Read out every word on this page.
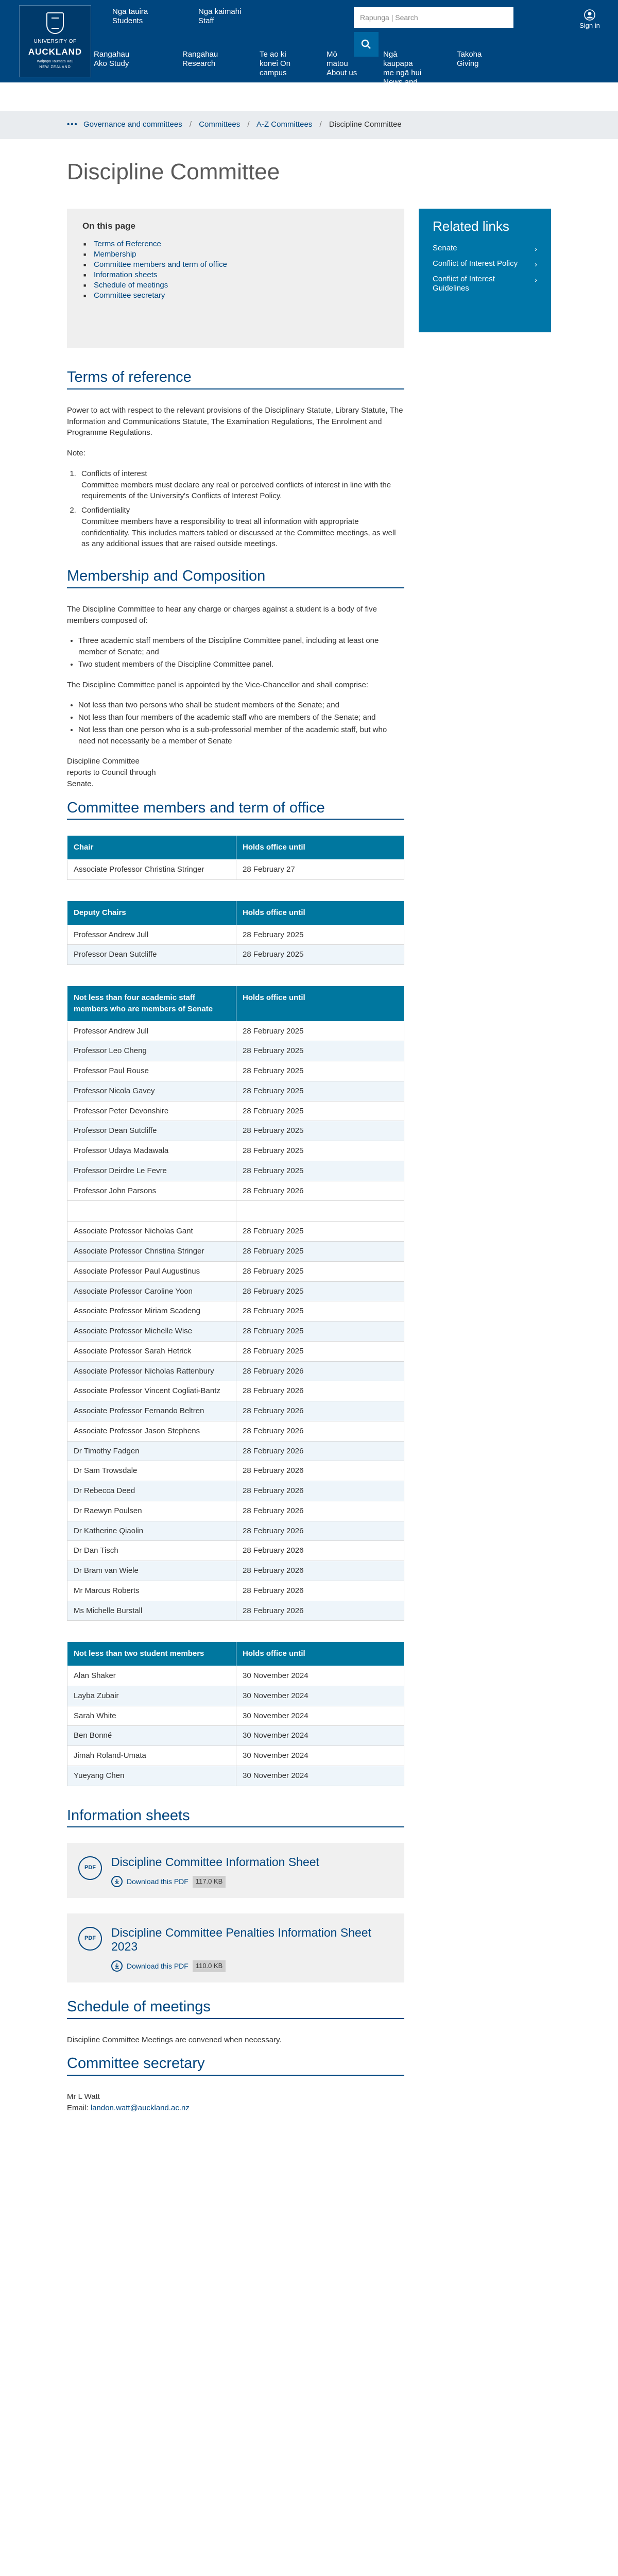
UNIVERSITY OF
AUCKLAND
Waipapa Taumata Rau
NEW ZEALAND
Ngā tauira Students
Ngā kaimahi Staff
Rapunga | Search
Sign in
Rangahau Ako Study
Rangahau Research
Te ao ki konei On campus
Mō mātou About us
Ngā kaupapa me ngā hui News and events
Takoha Giving
••• Governance and committees / Committees / A-Z Committees / Discipline Committee
Discipline Committee
On this page
■ Terms of Reference
■ Membership
■ Committee members and term of office
■ Information sheets
■ Schedule of meetings
■ Committee secretary
Related links
Senate	›
Conflict of Interest Policy ›
Conflict of Interest Guidelines
›
Terms of reference

Power to act with respect to the relevant provisions of the Disciplinary Statute, Library Statute, The Information and Communications Statute, The Examination Regulations, The Enrolment and Programme Regulations.

Note:

1. Conflicts of interest
Committee members must declare any real or perceived conflicts of interest in line with the requirements of the University's Conflicts of Interest Policy.
2. Confidentiality
Committee members have a responsibility to treat all information with appropriate confidentiality. This includes matters tabled or discussed at the Committee meetings, as well as any additional issues that are raised outside meetings.
Membership and Composition

The Discipline Committee to hear any charge or charges against a student is a body of five members composed of:

• Three academic staff members of the Discipline Committee panel, including at least one member of Senate; and
• Two student members of the Discipline Committee panel.

The Discipline Committee panel is appointed by the Vice-Chancellor and shall comprise:

• Not less than two persons who shall be student members of the Senate; and
• Not less than four members of the academic staff who are members of the Senate; and
• Not less than one person who is a sub-professorial member of the academic staff, but who need not necessarily be a member of Senate

Discipline Committee reports to Council through Senate.

Committee members and term of office
Chair	Holds office until
Associate Professor Christina Stringer	28 February 27
Deputy Chairs	Holds office until
Professor Andrew Jull	28 February 2025
Professor Dean Sutcliffe	28 February 2025
Not less than four academic staff members who are members of Senate	Holds office until
Professor Andrew Jull	28 February 2025
Professor Leo Cheng	28 February 2025
Professor Paul Rouse	28 February 2025
Professor Nicola Gavey	28 February 2025
Professor Peter Devonshire	28 February 2025
Professor Dean Sutcliffe	28 February 2025
Professor Udaya Madawala	28 February 2025
Professor Deirdre Le Fevre	28 February 2025
Professor John Parsons	28 February 2026

Associate Professor Nicholas Gant	28 February 2025
Associate Professor Christina Stringer	28 February 2025
Associate Professor Paul Augustinus	28 February 2025
Associate Professor Caroline Yoon	28 February 2025
Associate Professor Miriam Scadeng	28 February 2025
Associate Professor Michelle Wise	28 February 2025
Associate Professor Sarah Hetrick	28 February 2025
Associate Professor Nicholas Rattenbury	28 February 2026
Associate Professor Vincent Cogliati-Bantz	28 February 2026
Associate Professor Fernando Beltren	28 February 2026
Associate Professor Jason Stephens	28 February 2026
Dr Timothy Fadgen	28 February 2026
Dr Sam Trowsdale	28 February 2026
Dr Rebecca Deed	28 February 2026
Dr Raewyn Poulsen	28 February 2026
Dr Katherine Qiaolin	28 February 2026
Dr Dan Tisch	28 February 2026
Dr Bram van Wiele	28 February 2026
Mr Marcus Roberts	28 February 2026
Ms Michelle Burstall	28 February 2026
Not less than two student members	Holds office until
Alan Shaker	30 November 2024
Layba Zubair	30 November 2024
Sarah White	30 November 2024
Ben Bonné	30 November 2024
Jimah Roland-Umata	30 November 2024
Yueyang Chen	30 November 2024
Information sheets
PDF	Discipline Committee Information Sheet
Download this PDF	117.0 KB
PDF	Discipline Committee Penalties Information Sheet 2023
Download this PDF	110.0 KB
Schedule of meetings

Discipline Committee Meetings are convened when necessary.

Committee secretary
Mr L Watt
Email: landon.watt@auckland.ac.nz
